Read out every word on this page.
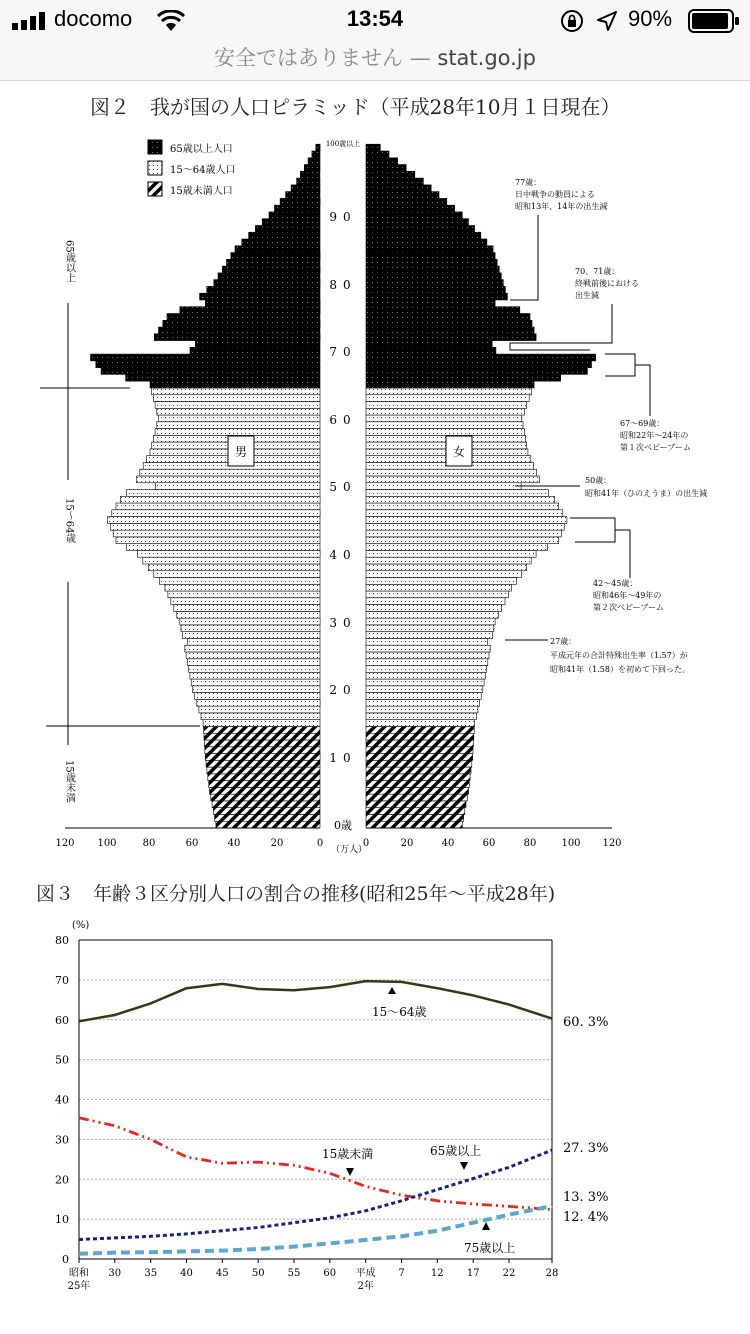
docomo	13:54	90%
安全ではありません — stat.go.jp
図２　我が国の人口ピラミッド（平成28年10月１日現在）
65歳以上人口
15～64歳人口
15歳未満人口
0歳
10
20
30
40
50
60
70
80
90
100歳以上
120 100	80	60	40	20	0	0	20	40	60	80	100 120
（万人）
男	女
65歳以上
15〜64歳
15歳未満
77歳：
日中戦争の動員による
昭和13年、14年の出生減
70、71歳：
終戦前後における
出生減
67〜69歳：
昭和22年〜24年の
第１次ベビーブーム
50歳：
昭和41年（ひのえうま）の出生減
42〜45歳：
昭和46年〜49年の
第２次ベビーブーム
27歳：
平成元年の合計特殊出生率（1.57）が
昭和41年（1.58）を初めて下回った。
図３　年齢３区分別人口の割合の推移(昭和25年～平成28年)
(%)
0
10
20
30
40
50
60
70
80
30 35 40 45 50 55 60	7	12 17 22	28
昭和
25年
平成
2年
15～64歳
15歳未満	65歳以上
75歳以上
60. 3%
27. 3%
13. 3%
12. 4%
